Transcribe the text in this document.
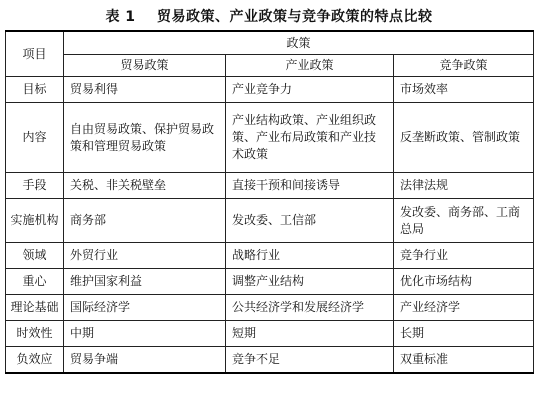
表 1    贸易政策、产业政策与竞争政策的特点比较
项目	政策		
	贸易政策	产业政策	竞争政策
目标	贸易利得	产业竞争力	市场效率
内容	自由贸易政策、保护贸易政策和管理贸易政策	产业结构政策、产业组织政策、产业布局政策和产业技术政策	反垄断政策、管制政策
手段	关税、非关税壁垒	直接干预和间接诱导	法律法规
实施机构	商务部	发改委、工信部	发改委、商务部、工商总局
领域	外贸行业	战略行业	竞争行业
重心	维护国家利益	调整产业结构	优化市场结构
理论基础	国际经济学	公共经济学和发展经济学	产业经济学
时效性	中期	短期	长期
负效应	贸易争端	竞争不足	双重标准
